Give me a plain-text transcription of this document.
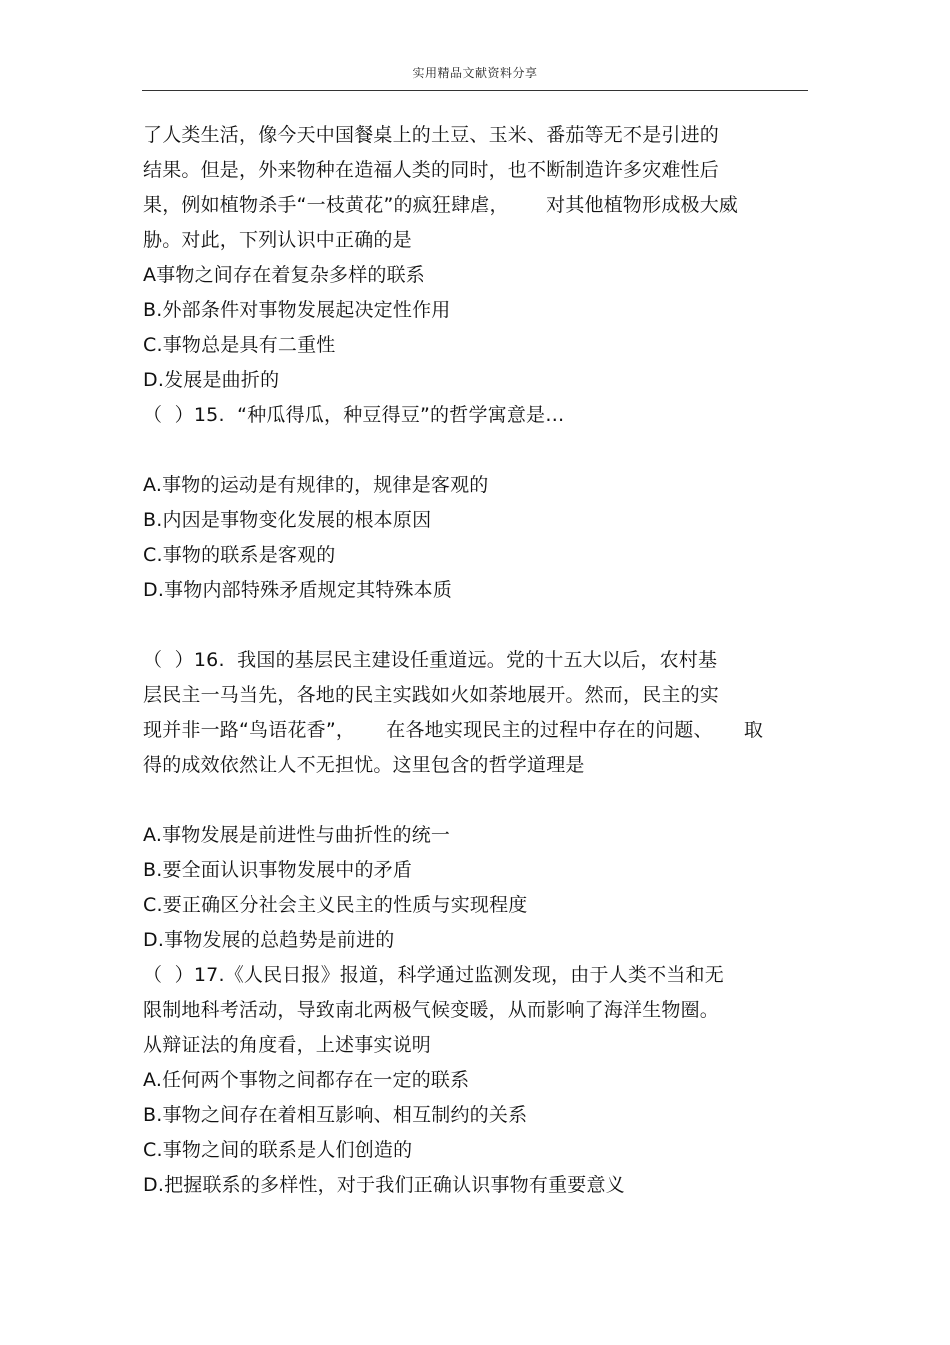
实用精品文献资料分享
了人类生活，像今天中国餐桌上的土豆、玉米、番茄等无不是引进的
结果。但是，外来物种在造福人类的同时，也不断制造许多灾难性后
果，例如植物杀手“一枝黄花”的疯狂肆虐，      对其他植物形成极大威
胁。对此，下列认识中正确的是
A事物之间存在着复杂多样的联系
B.外部条件对事物发展起决定性作用
C.事物总是具有二重性
D.发展是曲折的
（  ）15.  “种瓜得瓜，种豆得豆”的哲学寓意是…
A.事物的运动是有规律的，规律是客观的
B.内因是事物变化发展的根本原因
C.事物的联系是客观的
D.事物内部特殊矛盾规定其特殊本质
（  ）16.  我国的基层民主建设任重道远。党的十五大以后，农村基
层民主一马当先，各地的民主实践如火如荼地展开。然而，民主的实
现并非一路“鸟语花香”，     在各地实现民主的过程中存在的问题、     取
得的成效依然让人不无担忧。这里包含的哲学道理是
A.事物发展是前进性与曲折性的统一
B.要全面认识事物发展中的矛盾
C.要正确区分社会主义民主的性质与实现程度
D.事物发展的总趋势是前进的
（  ）17.《人民日报》报道，科学通过监测发现，由于人类不当和无
限制地科考活动，导致南北两极气候变暖，从而影响了海洋生物圈。
从辩证法的角度看，上述事实说明
A.任何两个事物之间都存在一定的联系
B.事物之间存在着相互影响、相互制约的关系
C.事物之间的联系是人们创造的
D.把握联系的多样性，对于我们正确认识事物有重要意义
